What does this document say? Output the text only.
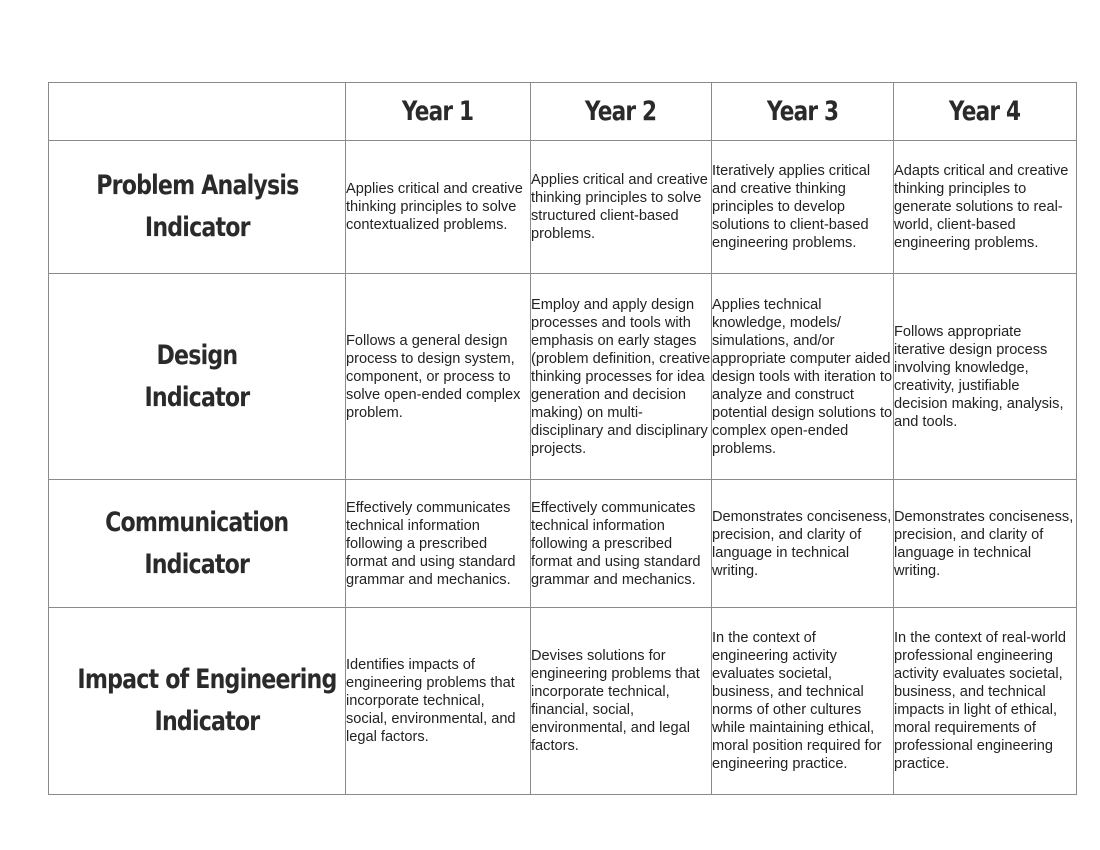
	Year 1	Year 2	Year 3	Year 4

Problem Analysis
Indicator	Applies critical and creative thinking principles to solve contextualized problems.	Applies critical and creative thinking principles to solve structured client-based problems.	Iteratively applies critical and creative thinking principles to develop solutions to client-based engineering problems.	Adapts critical and creative thinking principles to generate solutions to real-world, client-based engineering problems.

Design
Indicator	Follows a general design process to design system, component, or process to solve open-ended complex problem.	Employ and apply design processes and tools with emphasis on early stages (problem definition, creative thinking processes for idea generation and decision making) on multi-disciplinary and disciplinary projects.	Applies technical knowledge, models/ simulations, and/or appropriate computer aided design tools with iteration to analyze and construct potential design solutions to complex open-ended problems.	Follows appropriate iterative design process involving knowledge, creativity, justifiable decision making, analysis, and tools.

Communication
Indicator	Effectively communicates technical information following a prescribed format and using standard grammar and mechanics.	Effectively communicates technical information following a prescribed format and using standard grammar and mechanics.	Demonstrates conciseness, precision, and clarity of language in technical writing.	Demonstrates conciseness, precision, and clarity of language in technical writing.

Impact of Engineering
Indicator	Identifies impacts of engineering problems that incorporate technical, social, environmental, and legal factors.	Devises solutions for engineering problems that incorporate technical, financial, social, environmental, and legal factors.	In the context of engineering activity evaluates societal, business, and technical norms of other cultures while maintaining ethical, moral position required for engineering practice.	In the context of real-world professional engineering activity evaluates societal, business, and technical impacts in light of ethical, moral requirements of professional engineering practice.
